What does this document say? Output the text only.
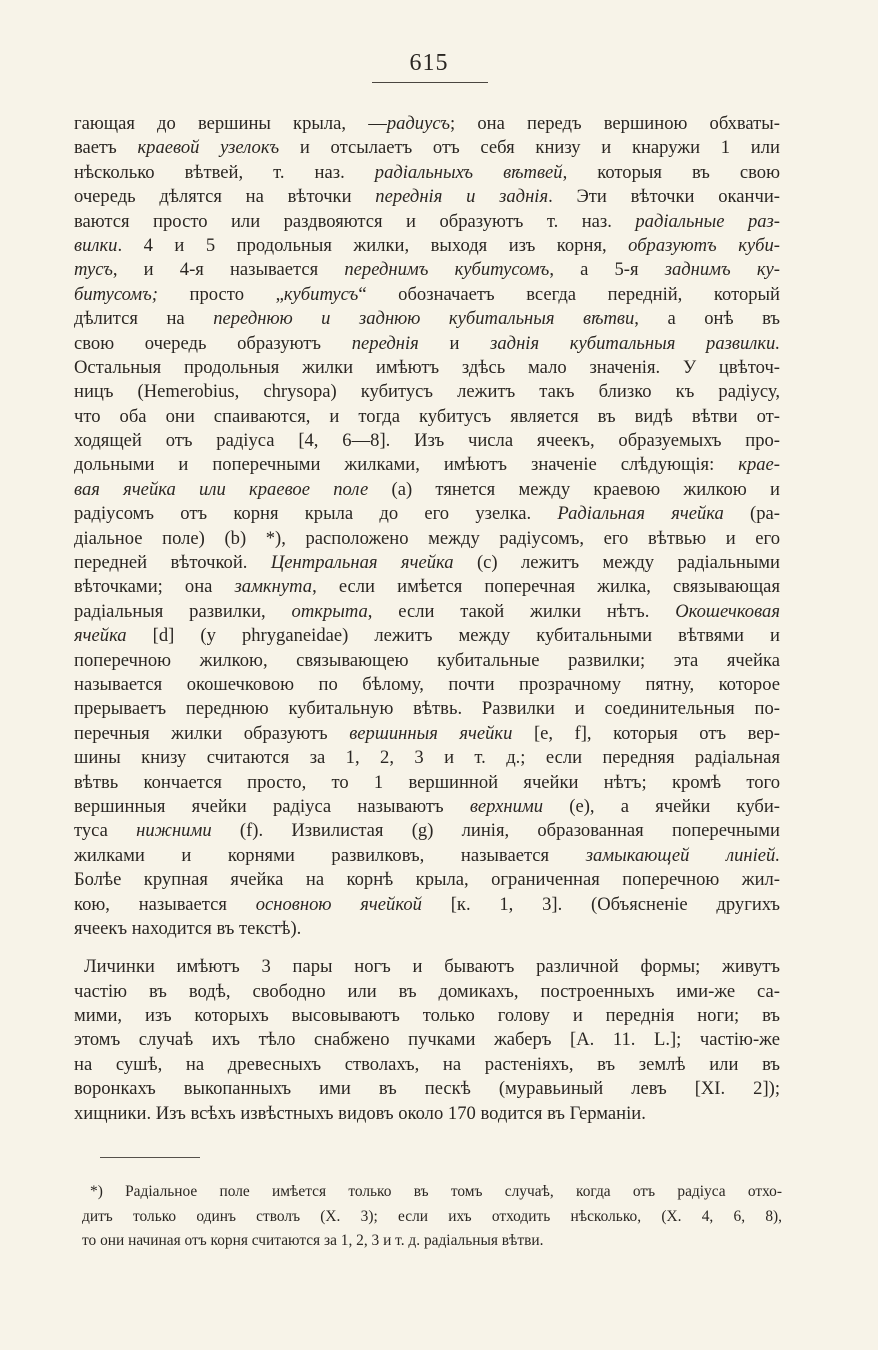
615
гающая до вершины крыла, —радиусъ; она передъ вершиною обхваты-
ваетъ краевой узелокъ и отсылаетъ отъ себя книзу и кнаружи 1 или
нѣсколько вѣтвей, т. наз. радіальныхъ вѣтвей, которыя въ свою
очередь дѣлятся на вѣточки переднія и заднія. Эти вѣточки оканчи-
ваются просто или раздвояются и образуютъ т. наз. радіальные раз-
вилки. 4 и 5 продольныя жилки, выходя изъ корня, образуютъ куби-
тусъ, и 4-я называется переднимъ кубитусомъ, а 5-я заднимъ ку-
битусомъ; просто „кубитусъ“ обозначаетъ всегда передній, который
дѣлится на переднюю и заднюю кубитальныя вѣтви, а онѣ въ
свою очередь образуютъ переднія и заднія кубитальныя развилки.
Остальныя продольныя жилки имѣютъ здѣсь мало значенія. У цвѣточ-
ницъ (Hemerobius, chrysopa) кубитусъ лежитъ такъ близко къ радіусу,
что оба они спаиваются, и тогда кубитусъ является въ видѣ вѣтви от-
ходящей отъ радіуса [4, 6—8]. Изъ числа ячеекъ, образуемыхъ про-
дольными и поперечными жилками, имѣютъ значеніе слѣдующія: крае-
вая ячейка или краевое поле (a) тянется между краевою жилкою и
радіусомъ отъ корня крыла до его узелка. Радіальная ячейка (ра-
діальное поле) (b) *), расположено между радіусомъ, его вѣтвью и его
передней вѣточкой. Центральная ячейка (c) лежитъ между радіальными
вѣточками; она замкнута, если имѣется поперечная жилка, связывающая
радіальныя развилки, открыта, если такой жилки нѣтъ. Окошечковая
ячейка [d] (у phryganeidae) лежитъ между кубитальными вѣтвями и
поперечною жилкою, связывающею кубитальные развилки; эта ячейка
называется окошечковою по бѣлому, почти прозрачному пятну, которое
прерываетъ переднюю кубитальную вѣтвь. Развилки и соединительныя по-
перечныя жилки образуютъ вершинныя ячейки [e, f], которыя отъ вер-
шины книзу считаются за 1, 2, 3 и т. д.; если передняя радіальная
вѣтвь кончается просто, то 1 вершинной ячейки нѣтъ; кромѣ того
вершинныя ячейки радіуса называютъ верхними (e), а ячейки куби-
туса нижними (f). Извилистая (g) линія, образованная поперечными
жилками и корнями развилковъ, называется замыкающей линіей.
Болѣе крупная ячейка на корнѣ крыла, ограниченная поперечною жил-
кою, называется основною ячейкой [к. 1, 3]. (Объясненіе другихъ
ячеекъ находится въ текстѣ).
Личинки имѣютъ 3 пары ногъ и бываютъ различной формы; живутъ
частію въ водѣ, свободно или въ домикахъ, построенныхъ ими-же са-
мими, изъ которыхъ высовываютъ только голову и переднія ноги; въ
этомъ случаѣ ихъ тѣло снабжено пучками жаберъ [A. 11. L.]; частію-же
на сушѣ, на древесныхъ стволахъ, на растеніяхъ, въ землѣ или въ
воронкахъ выкопанныхъ ими въ пескѣ (муравьиный левъ [XI. 2]);
хищники. Изъ всѣхъ извѣстныхъ видовъ около 170 водится въ Германіи.
*) Радіальное поле имѣется только въ томъ случаѣ, когда отъ радіуса отхо-
дитъ только одинъ стволъ (X. 3); если ихъ отходить нѣсколько, (X. 4, 6, 8),
то они начиная отъ корня считаются за 1, 2, 3 и т. д. радіальныя вѣтви.
